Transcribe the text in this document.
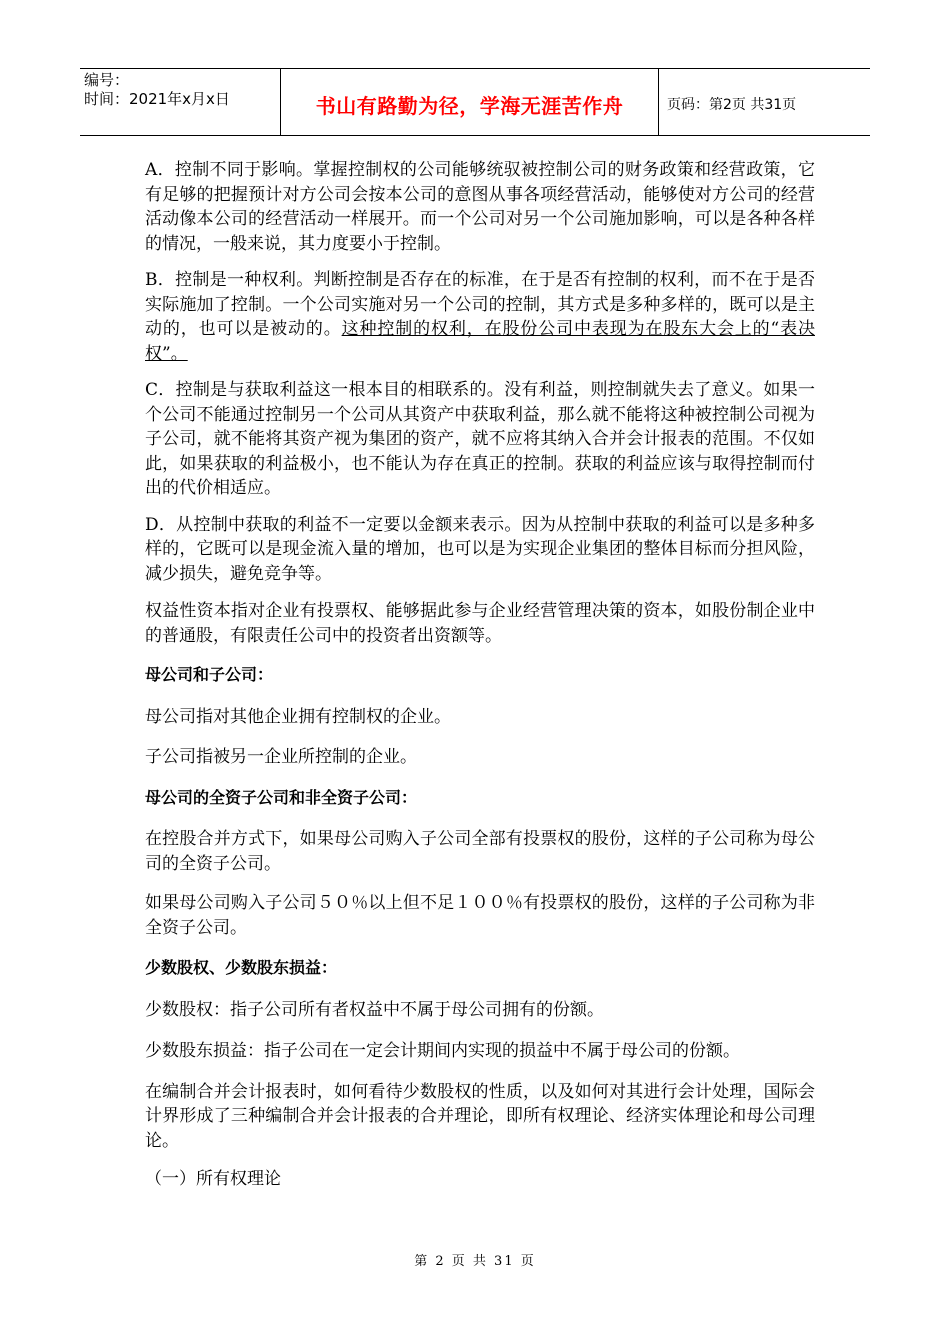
编号：
时间：2021年x月x日	书山有路勤为径，学海无涯苦作舟	页码：第2页 共31页

A．控制不同于影响。掌握控制权的公司能够统驭被控制公司的财务政策和经营政策，它有足够的把握预计对方公司会按本公司的意图从事各项经营活动，能够使对方公司的经营活动像本公司的经营活动一样展开。而一个公司对另一个公司施加影响，可以是各种各样的情况，一般来说，其力度要小于控制。

B．控制是一种权利。判断控制是否存在的标准，在于是否有控制的权利，而不在于是否实际施加了控制。一个公司实施对另一个公司的控制，其方式是多种多样的，既可以是主动的，也可以是被动的。这种控制的权利，在股份公司中表现为在股东大会上的“表决权”。

C．控制是与获取利益这一根本目的相联系的。没有利益，则控制就失去了意义。如果一个公司不能通过控制另一个公司从其资产中获取利益，那么就不能将这种被控制公司视为子公司，就不能将其资产视为集团的资产，就不应将其纳入合并会计报表的范围。不仅如此，如果获取的利益极小，也不能认为存在真正的控制。获取的利益应该与取得控制而付出的代价相适应。

D．从控制中获取的利益不一定要以金额来表示。因为从控制中获取的利益可以是多种多样的，它既可以是现金流入量的增加，也可以是为实现企业集团的整体目标而分担风险，减少损失，避免竞争等。

权益性资本指对企业有投票权、能够据此参与企业经营管理决策的资本，如股份制企业中的普通股，有限责任公司中的投资者出资额等。

母公司和子公司：

母公司指对其他企业拥有控制权的企业。

子公司指被另一企业所控制的企业。

母公司的全资子公司和非全资子公司：

在控股合并方式下，如果母公司购入子公司全部有投票权的股份，这样的子公司称为母公司的全资子公司。

如果母公司购入子公司５０％以上但不足１００％有投票权的股份，这样的子公司称为非全资子公司。

少数股权、少数股东损益：

少数股权：指子公司所有者权益中不属于母公司拥有的份额。

少数股东损益：指子公司在一定会计期间内实现的损益中不属于母公司的份额。

在编制合并会计报表时，如何看待少数股权的性质，以及如何对其进行会计处理，国际会计界形成了三种编制合并会计报表的合并理论，即所有权理论、经济实体理论和母公司理论。

（一）所有权理论

第 2 页 共 31 页
